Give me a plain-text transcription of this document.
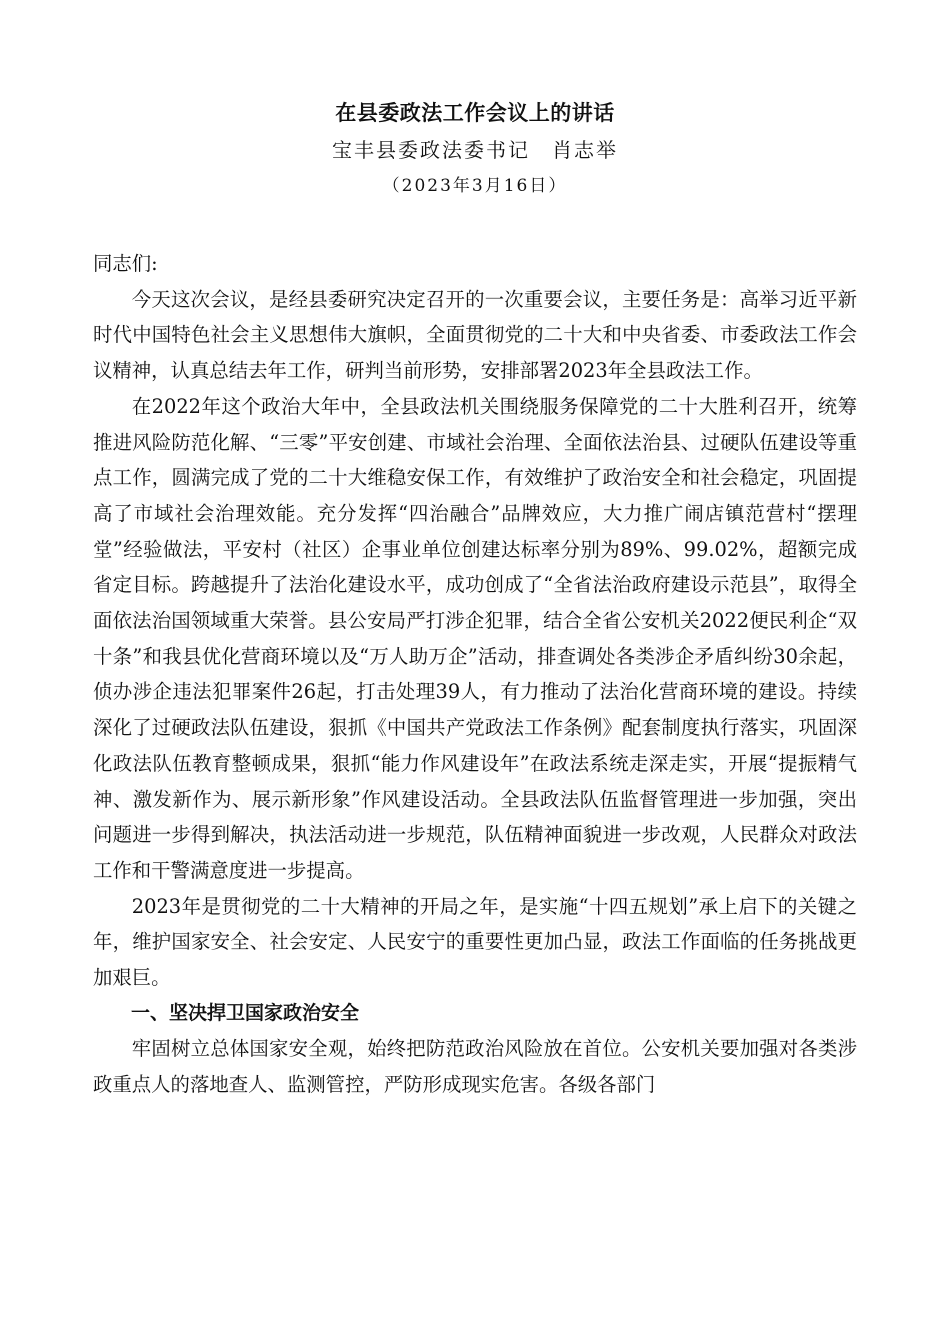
在县委政法工作会议上的讲话
宝丰县委政法委书记　肖志举
（2023年3月16日）

同志们:

今天这次会议，是经县委研究决定召开的一次重要会议，主要任务是：高举习近平新时代中国特色社会主义思想伟大旗帜，全面贯彻党的二十大和中央省委、市委政法工作会议精神，认真总结去年工作，研判当前形势，安排部署2023年全县政法工作。

在2022年这个政治大年中，全县政法机关围绕服务保障党的二十大胜利召开，统筹推进风险防范化解、“三零”平安创建、市域社会治理、全面依法治县、过硬队伍建设等重点工作，圆满完成了党的二十大维稳安保工作，有效维护了政治安全和社会稳定，巩固提高了市域社会治理效能。充分发挥“四治融合”品牌效应，大力推广闹店镇范营村“摆理堂”经验做法，平安村（社区）企事业单位创建达标率分别为89%、99.02%，超额完成省定目标。跨越提升了法治化建设水平，成功创成了“全省法治政府建设示范县”，取得全面依法治国领域重大荣誉。县公安局严打涉企犯罪，结合全省公安机关2022便民利企“双十条”和我县优化营商环境以及“万人助万企”活动，排查调处各类涉企矛盾纠纷30余起，侦办涉企违法犯罪案件26起，打击处理39人，有力推动了法治化营商环境的建设。持续深化了过硬政法队伍建设，狠抓《中国共产党政法工作条例》配套制度执行落实，巩固深化政法队伍教育整顿成果，狠抓“能力作风建设年”在政法系统走深走实，开展“提振精气神、激发新作为、展示新形象”作风建设活动。全县政法队伍监督管理进一步加强，突出问题进一步得到解决，执法活动进一步规范，队伍精神面貌进一步改观，人民群众对政法工作和干警满意度进一步提高。

2023年是贯彻党的二十大精神的开局之年，是实施“十四五规划”承上启下的关键之年，维护国家安全、社会安定、人民安宁的重要性更加凸显，政法工作面临的任务挑战更加艰巨。

一、坚决捍卫国家政治安全

牢固树立总体国家安全观，始终把防范政治风险放在首位。公安机关要加强对各类涉政重点人的落地查人、监测管控，严防形成现实危害。各级各部门
